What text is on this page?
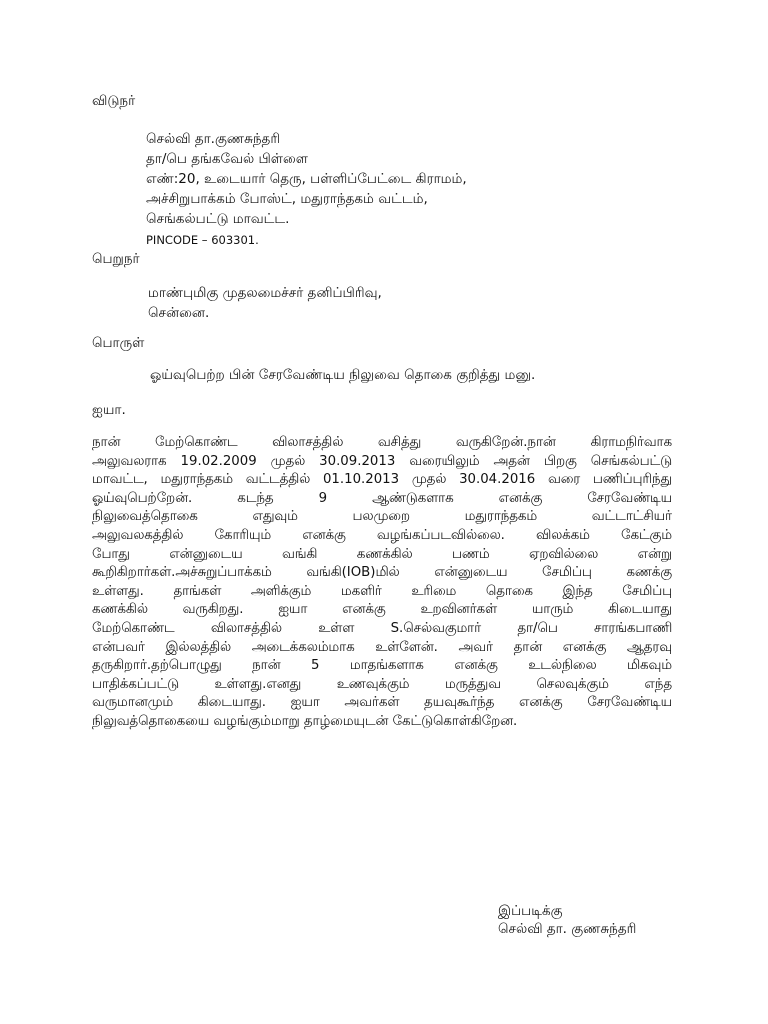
விடுநர்
செல்வி தா.குணசுந்தரி
தா/பெ தங்கவேல் பிள்ளை
எண்:20, உடையார் தெரு, பள்ளிப்பேட்டை கிராமம்,
அச்சிறுபாக்கம் போஸ்ட், மதுராந்தகம் வட்டம்,
செங்கல்பட்டு மாவட்ட.
PINCODE – 603301.
பெறுநர்
மாண்புமிகு முதலமைச்சர் தனிப்பிரிவு,
சென்னை.
பொருள்
ஓய்வுபெற்ற பின் சேரவேண்டிய நிலுவை தொகை குறித்து மனு.
ஐயா.
நான் மேற்கொண்ட விலாசத்தில் வசித்து வருகிறேன்.நான் கிராமநிர்வாக
அலுவலராக 19.02.2009 முதல் 30.09.2013 வரையிலும் அதன் பிறகு செங்கல்பட்டு
மாவட்ட, மதுராந்தகம் வட்டத்தில் 01.10.2013 முதல் 30.04.2016 வரை பணிப்புரிந்து
ஓய்வுபெற்றேன். கடந்த 9 ஆண்டுகளாக எனக்கு சேரவேண்டிய
நிலுவைத்தொகை எதுவும் பலமுறை மதுராந்தகம் வட்டாட்சியர்
அலுவலகத்தில் கோரியும் எனக்கு வழங்கப்படவில்லை. விலக்கம் கேட்கும்
போது என்னுடைய வங்கி கணக்கில் பணம் ஏறவில்லை என்று
கூறிகிறார்கள்.அச்சுறுப்பாக்கம் வங்கி(IOB)மில் என்னுடைய சேமிப்பு கணக்கு
உள்ளது. தாங்கள் அளிக்கும் மகளிர் உரிமை தொகை இந்த சேமிப்பு
கணக்கில் வருகிறது. ஐயா எனக்கு உறவினர்கள் யாரும் கிடையாது
மேற்கொண்ட விலாசத்தில் உள்ள S.செல்வகுமார் தா/பெ சாரங்கபாணி
என்பவர் இல்லத்தில் அடைக்கலம்மாக உள்ளேன். அவர் தான் எனக்கு ஆதரவு
தருகிறார்.தற்பொழுது நான் 5 மாதங்களாக எனக்கு உடல்நிலை மிகவும்
பாதிக்கப்பட்டு உள்ளது.எனது உணவுக்கும் மருத்துவ செலவுக்கும் எந்த
வருமானமும் கிடையாது. ஐயா அவர்கள் தயவுகூர்ந்த எனக்கு சேரவேண்டிய
நிலுவத்தொகையை வழங்கும்மாறு தாழ்மையுடன் கேட்டுகொள்கிறேன.
இப்படிக்கு
செல்வி தா. குணசுந்தரி
